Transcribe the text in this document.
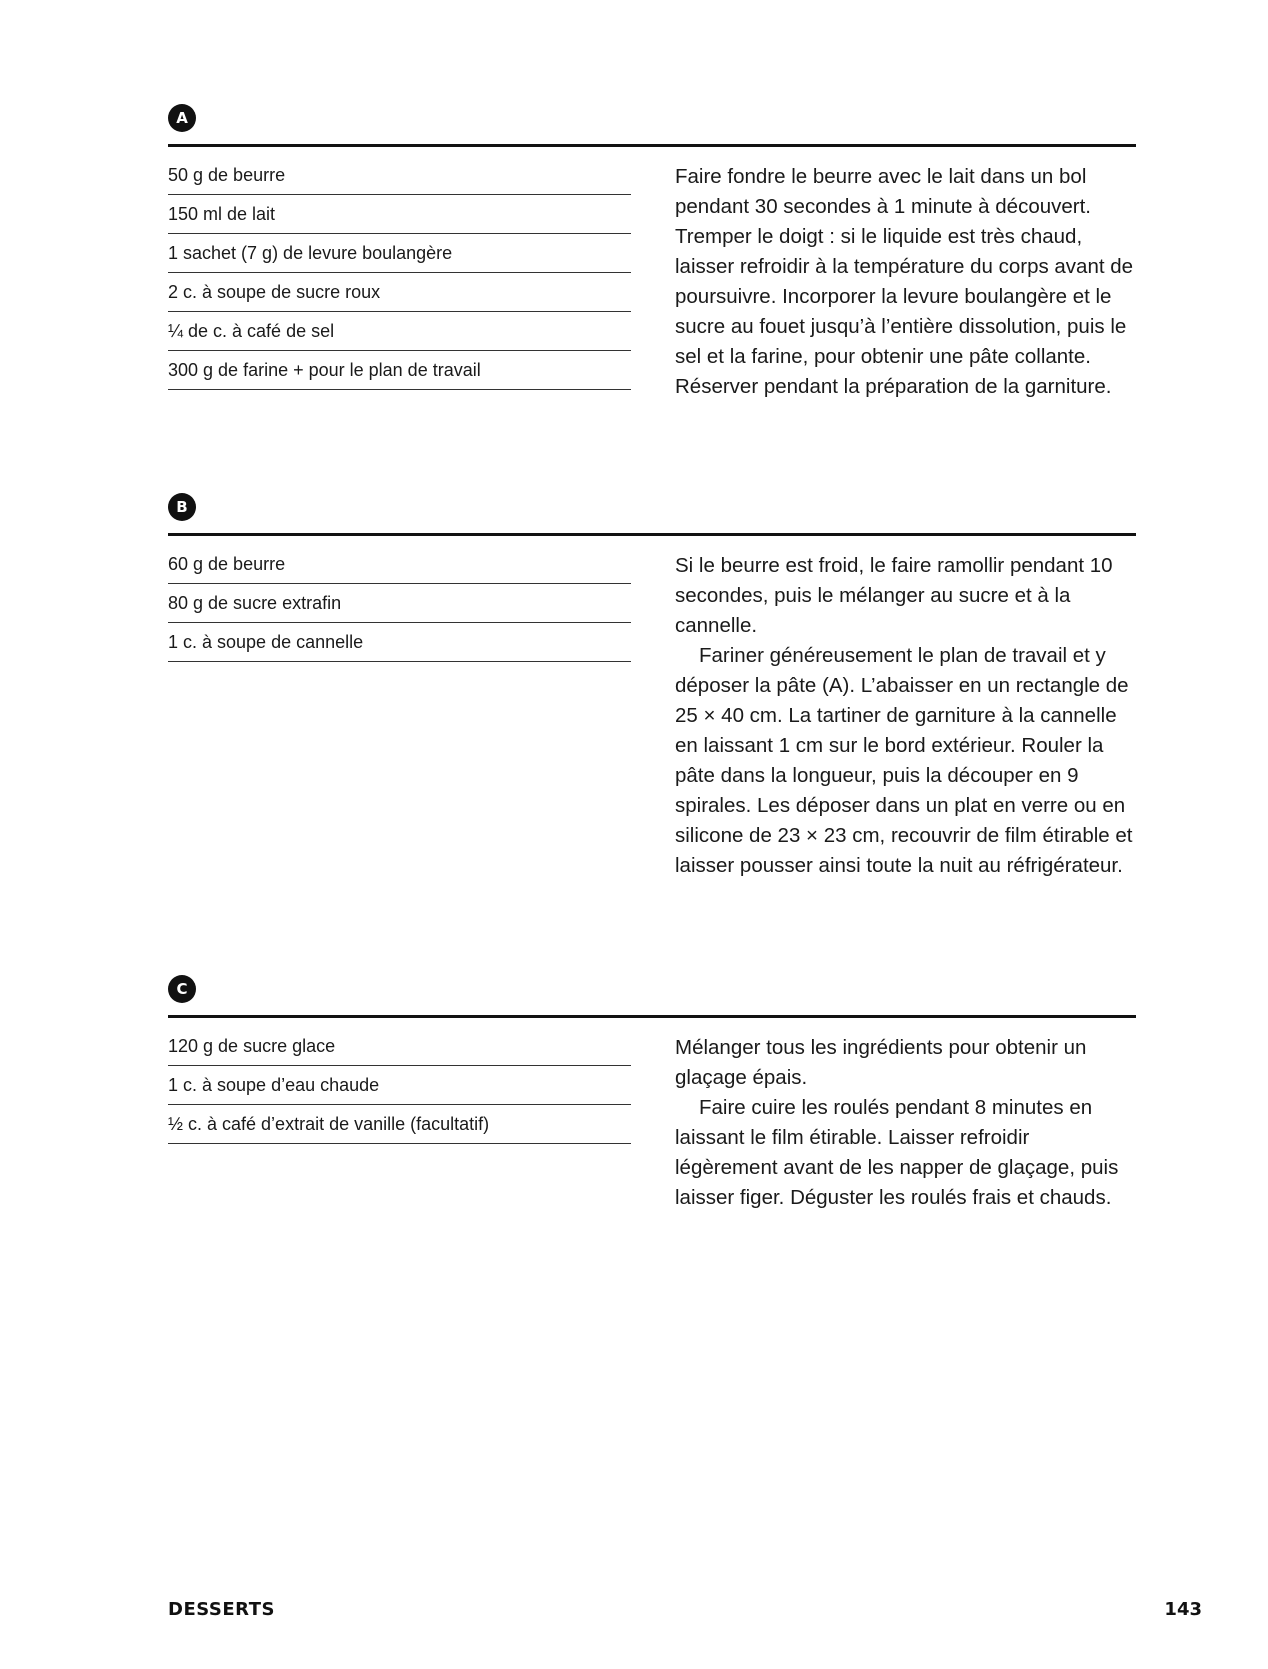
A
50 g de beurre
150 ml de lait
1 sachet (7 g) de levure boulangère
2 c. à soupe de sucre roux
¼ de c. à café de sel
300 g de farine + pour le plan de travail

Faire fondre le beurre avec le lait dans un bol pendant 30 secondes à 1 minute à découvert. Tremper le doigt : si le liquide est très chaud, laisser refroidir à la température du corps avant de poursuivre. Incorporer la levure boulangère et le sucre au fouet jusqu’à l’entière dissolution, puis le sel et la farine, pour obtenir une pâte collante. Réserver pendant la préparation de la garniture.

B
60 g de beurre
80 g de sucre extrafin
1 c. à soupe de cannelle

Si le beurre est froid, le faire ramollir pendant 10 secondes, puis le mélanger au sucre et à la cannelle.

Fariner généreusement le plan de travail et y déposer la pâte (A). L’abaisser en un rectangle de 25 × 40 cm. La tartiner de garniture à la cannelle en laissant 1 cm sur le bord extérieur. Rouler la pâte dans la longueur, puis la découper en 9 spirales. Les déposer dans un plat en verre ou en silicone de 23 × 23 cm, recouvrir de film étirable et laisser pousser ainsi toute la nuit au réfrigérateur.

C
120 g de sucre glace
1 c. à soupe d’eau chaude
½ c. à café d’extrait de vanille (facultatif)

Mélanger tous les ingrédients pour obtenir un glaçage épais.

Faire cuire les roulés pendant 8 minutes en laissant le film étirable. Laisser refroidir légèrement avant de les napper de glaçage, puis laisser figer. Déguster les roulés frais et chauds.

DESSERTS	143
